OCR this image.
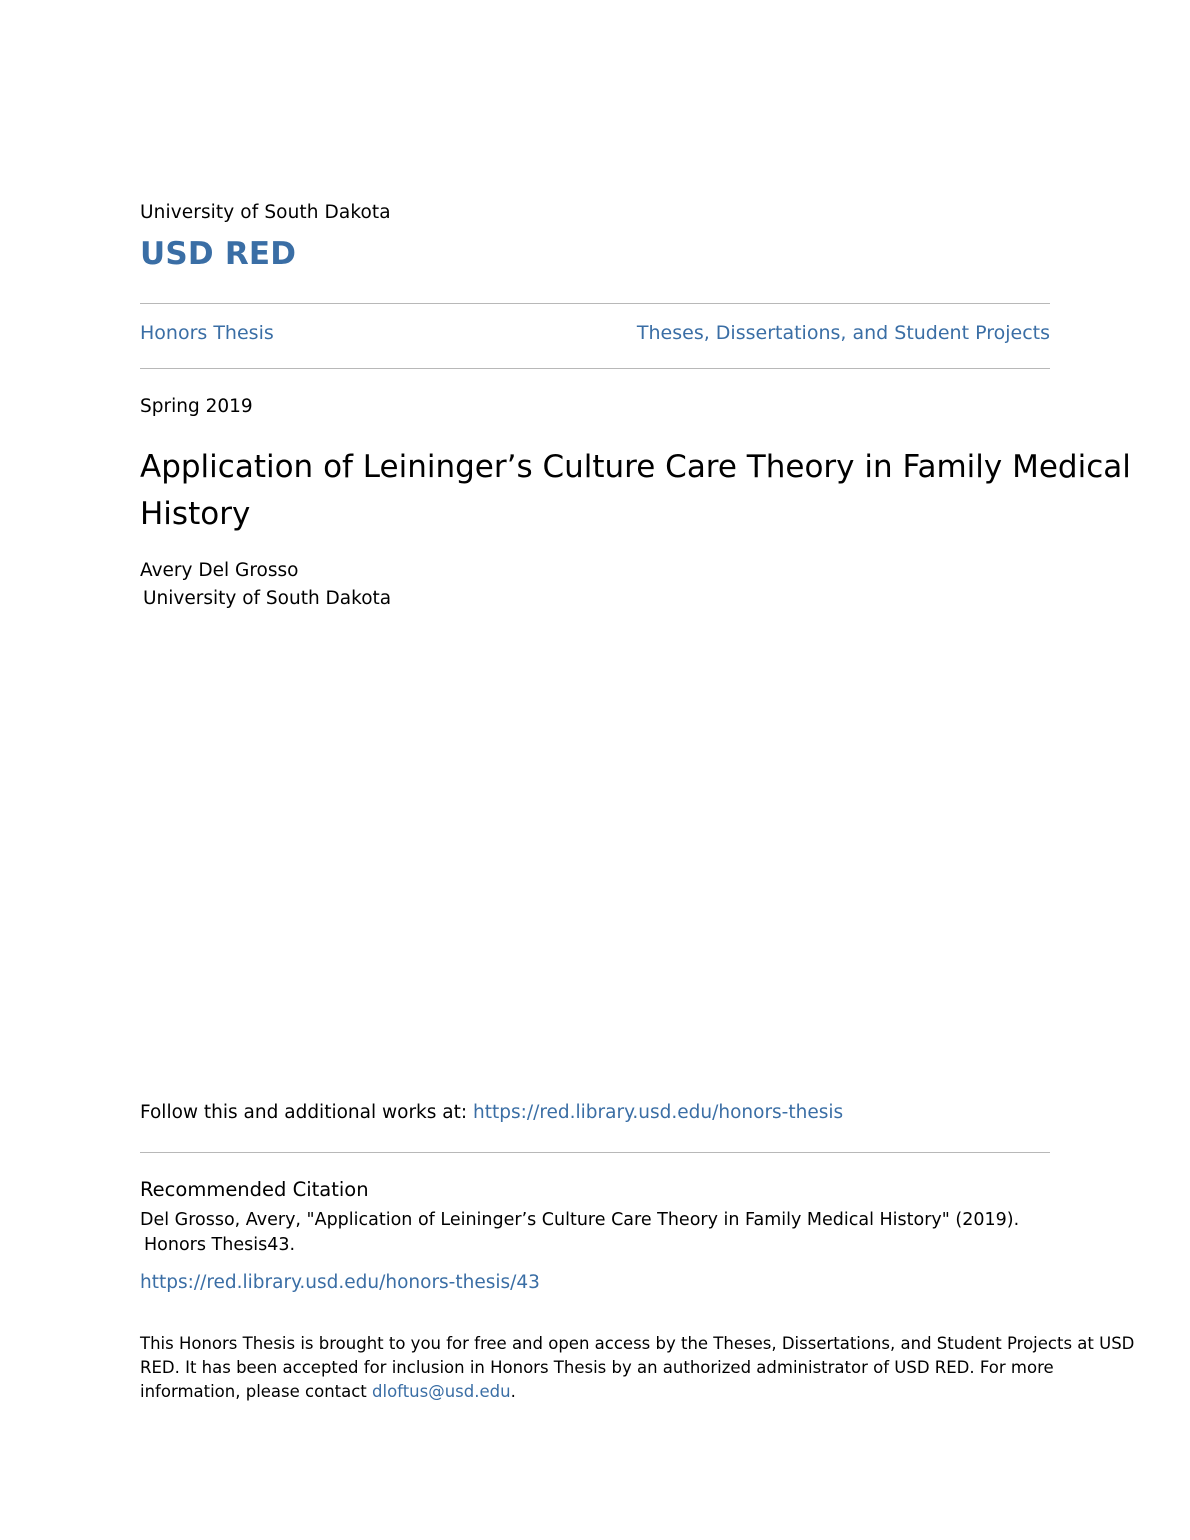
University of South Dakota
USD RED
Honors Thesis	Theses, Dissertations, and Student Projects
Spring 2019
Application of Leininger’s Culture Care Theory in Family Medical History
Avery Del Grosso
University of South Dakota
Follow this and additional works at: https://red.library.usd.edu/honors-thesis
Recommended Citation
Del Grosso, Avery, "Application of Leininger’s Culture Care Theory in Family Medical History" (2019).
Honors Thesis43.
https://red.library.usd.edu/honors-thesis/43
This Honors Thesis is brought to you for free and open access by the Theses, Dissertations, and Student Projects at USD RED. It has been accepted for inclusion in Honors Thesis by an authorized administrator of USD RED. For more information, please contact dloftus@usd.edu.
